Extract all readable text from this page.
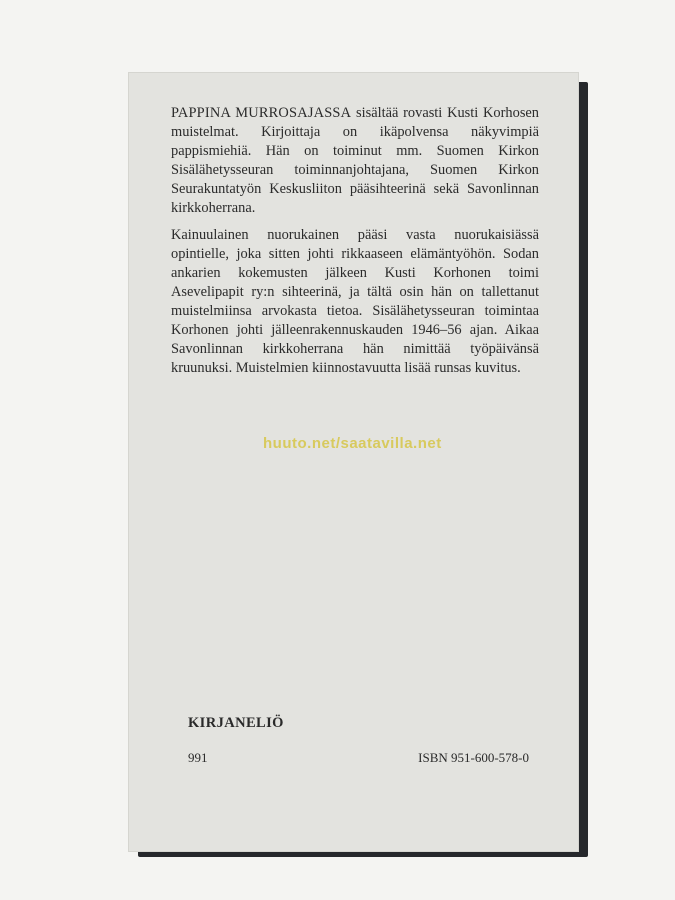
PAPPINA MURROSAJASSA sisältää rovasti Kusti Korhosen muistelmat. Kirjoittaja on ikäpolvensa näkyvimpiä pappismiehiä. Hän on toiminut mm. Suomen Kirkon Sisälähetysseuran toiminnanjohtajana, Suomen Kirkon Seurakuntatyön Keskusliiton pääsihteerinä sekä Savonlinnan kirkkoherrana.

Kainuulainen nuorukainen pääsi vasta nuorukaisiässä opintielle, joka sitten johti rikkaaseen elämäntyöhön. Sodan ankarien kokemusten jälkeen Kusti Korhonen toimi Asevelipapit ry:n sihteerinä, ja tältä osin hän on tallettanut muistelmiinsa arvokasta tietoa. Sisälähetysseuran toimintaa Korhonen johti jälleenrakennuskauden 1946–56 ajan. Aikaa Savonlinnan kirkkoherrana hän nimittää työpäivänsä kruunuksi. Muistelmien kiinnostavuutta lisää runsas kuvitus.

huuto.net/saatavilla.net
KIRJANELIÖ
991	ISBN 951-600-578-0
